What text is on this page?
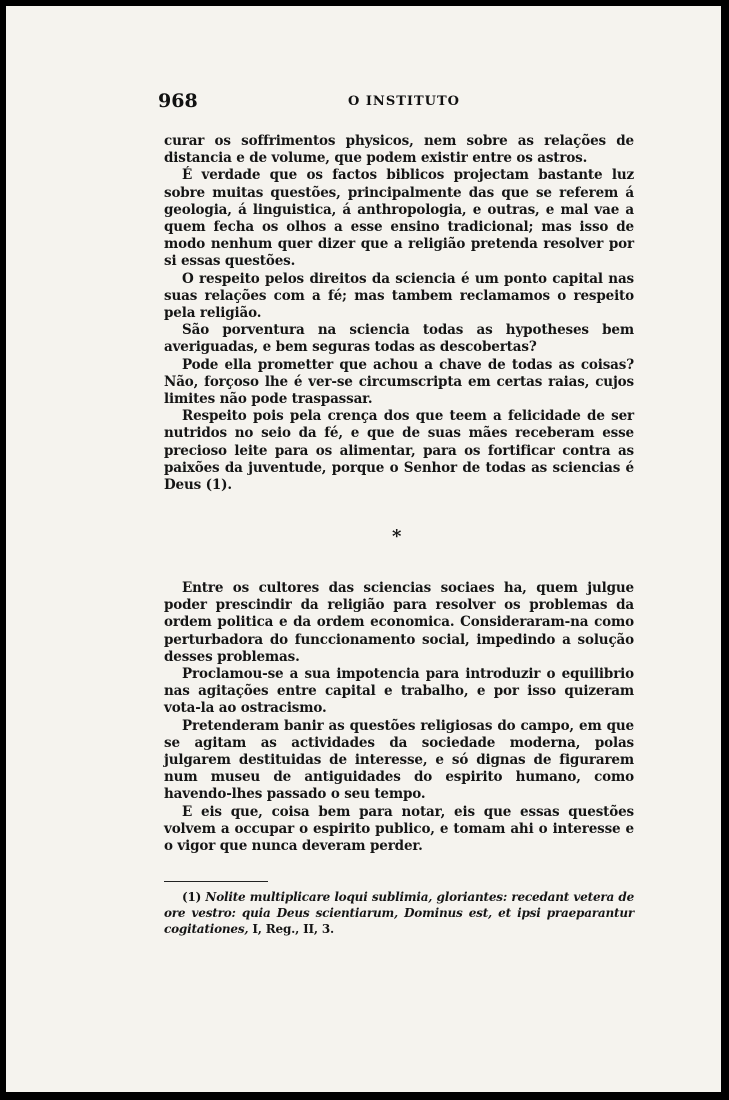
968	O INSTITUTO

curar os soffrimentos physicos, nem sobre as relações de distancia e de volume, que podem existir entre os astros.

É verdade que os factos biblicos projectam bastante luz sobre muitas questões, principalmente das que se referem á geologia, á linguistica, á anthropologia, e outras, e mal vae a quem fecha os olhos a esse ensino tradicional; mas isso de modo nenhum quer dizer que a religião pretenda resolver por si essas questões.

O respeito pelos direitos da sciencia é um ponto capital nas suas relações com a fé; mas tambem reclamamos o respeito pela religião.

São porventura na sciencia todas as hypotheses bem averiguadas, e bem seguras todas as descobertas?

Pode ella prometter que achou a chave de todas as coisas? Não, forçoso lhe é ver-se circumscripta em certas raias, cujos limites não pode traspassar.

Respeito pois pela crença dos que teem a felicidade de ser nutridos no seio da fé, e que de suas mães receberam esse precioso leite para os alimentar, para os fortificar contra as paixões da juventude, porque o Senhor de todas as sciencias é Deus (1).

*

Entre os cultores das sciencias sociaes ha, quem julgue poder prescindir da religião para resolver os problemas da ordem politica e da ordem economica. Consideraram-na como perturbadora do funccionamento social, impedindo a solução desses problemas.

Proclamou-se a sua impotencia para introduzir o equilibrio nas agitações entre capital e trabalho, e por isso quizeram vota-la ao ostracismo.

Pretenderam banir as questões religiosas do campo, em que se agitam as actividades da sociedade moderna, polas julgarem destituidas de interesse, e só dignas de figurarem num museu de antiguidades do espirito humano, como havendo-lhes passado o seu tempo.

E eis que, coisa bem para notar, eis que essas questões volvem a occupar o espirito publico, e tomam ahi o interesse e o vigor que nunca deveram perder.

(1) Nolite multiplicare loqui sublimia, gloriantes: recedant vetera de ore vestro: quia Deus scientiarum, Dominus est, et ipsi praeparantur cogitationes, I, Reg., II, 3.
